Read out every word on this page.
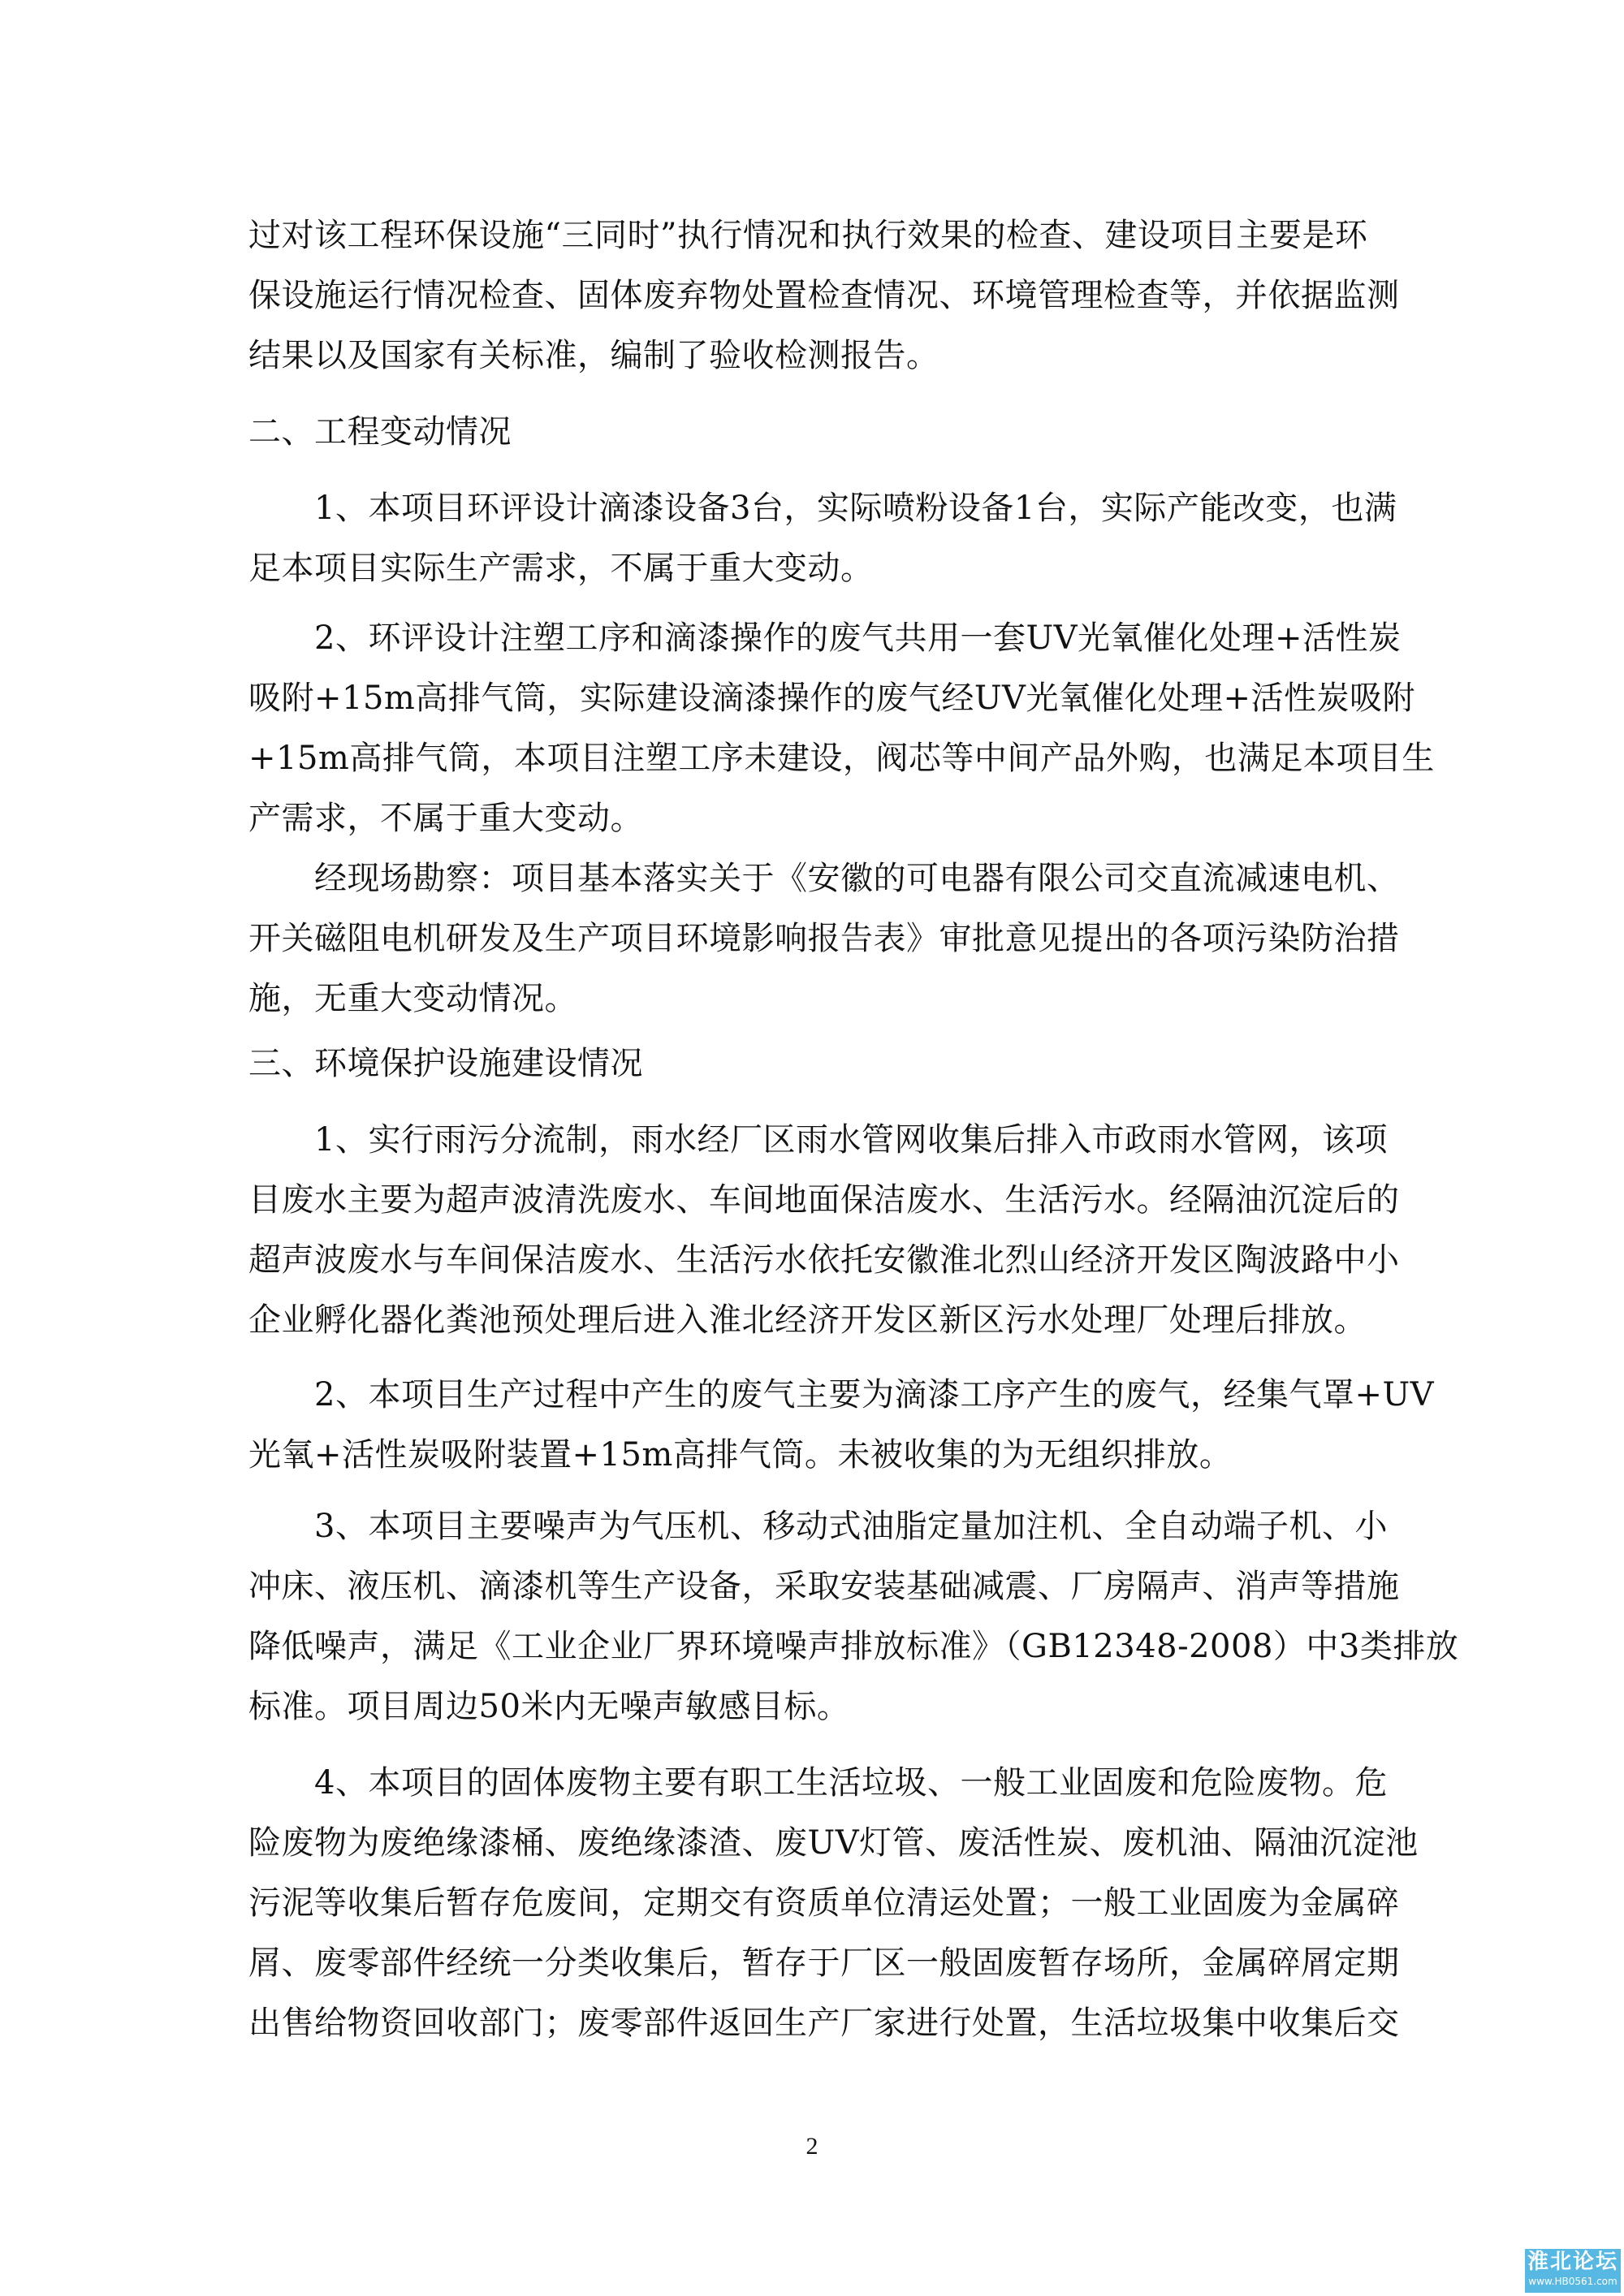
过对该工程环保设施“三同时”执行情况和执行效果的检查、建设项目主要是环

保设施运行情况检查、固体废弃物处置检查情况、环境管理检查等，并依据监测

结果以及国家有关标准，编制了验收检测报告。

二、工程变动情况

　　1、本项目环评设计滴漆设备3台，实际喷粉设备1台，实际产能改变，也满

足本项目实际生产需求，不属于重大变动。

　　2、环评设计注塑工序和滴漆操作的废气共用一套UV光氧催化处理+活性炭

吸附+15m高排气筒，实际建设滴漆操作的废气经UV光氧催化处理+活性炭吸附

+15m高排气筒，本项目注塑工序未建设，阀芯等中间产品外购，也满足本项目生

产需求，不属于重大变动。

　　经现场勘察：项目基本落实关于《安徽的可电器有限公司交直流减速电机、

开关磁阻电机研发及生产项目环境影响报告表》审批意见提出的各项污染防治措

施，无重大变动情况。

三、环境保护设施建设情况

　　1、实行雨污分流制，雨水经厂区雨水管网收集后排入市政雨水管网，该项

目废水主要为超声波清洗废水、车间地面保洁废水、生活污水。经隔油沉淀后的

超声波废水与车间保洁废水、生活污水依托安徽淮北烈山经济开发区陶波路中小

企业孵化器化粪池预处理后进入淮北经济开发区新区污水处理厂处理后排放。

　　2、本项目生产过程中产生的废气主要为滴漆工序产生的废气，经集气罩+UV

光氧+活性炭吸附装置+15m高排气筒。未被收集的为无组织排放。

　　3、本项目主要噪声为气压机、移动式油脂定量加注机、全自动端子机、小

冲床、液压机、滴漆机等生产设备，采取安装基础减震、厂房隔声、消声等措施

降低噪声，满足《工业企业厂界环境噪声排放标准》（GB12348-2008）中3类排放

标准。项目周边50米内无噪声敏感目标。

　　4、本项目的固体废物主要有职工生活垃圾、一般工业固废和危险废物。危

险废物为废绝缘漆桶、废绝缘漆渣、废UV灯管、废活性炭、废机油、隔油沉淀池

污泥等收集后暂存危废间，定期交有资质单位清运处置；一般工业固废为金属碎

屑、废零部件经统一分类收集后，暂存于厂区一般固废暂存场所，金属碎屑定期

出售给物资回收部门；废零部件返回生产厂家进行处置，生活垃圾集中收集后交

2
淮北论坛
www.HB0561.com
